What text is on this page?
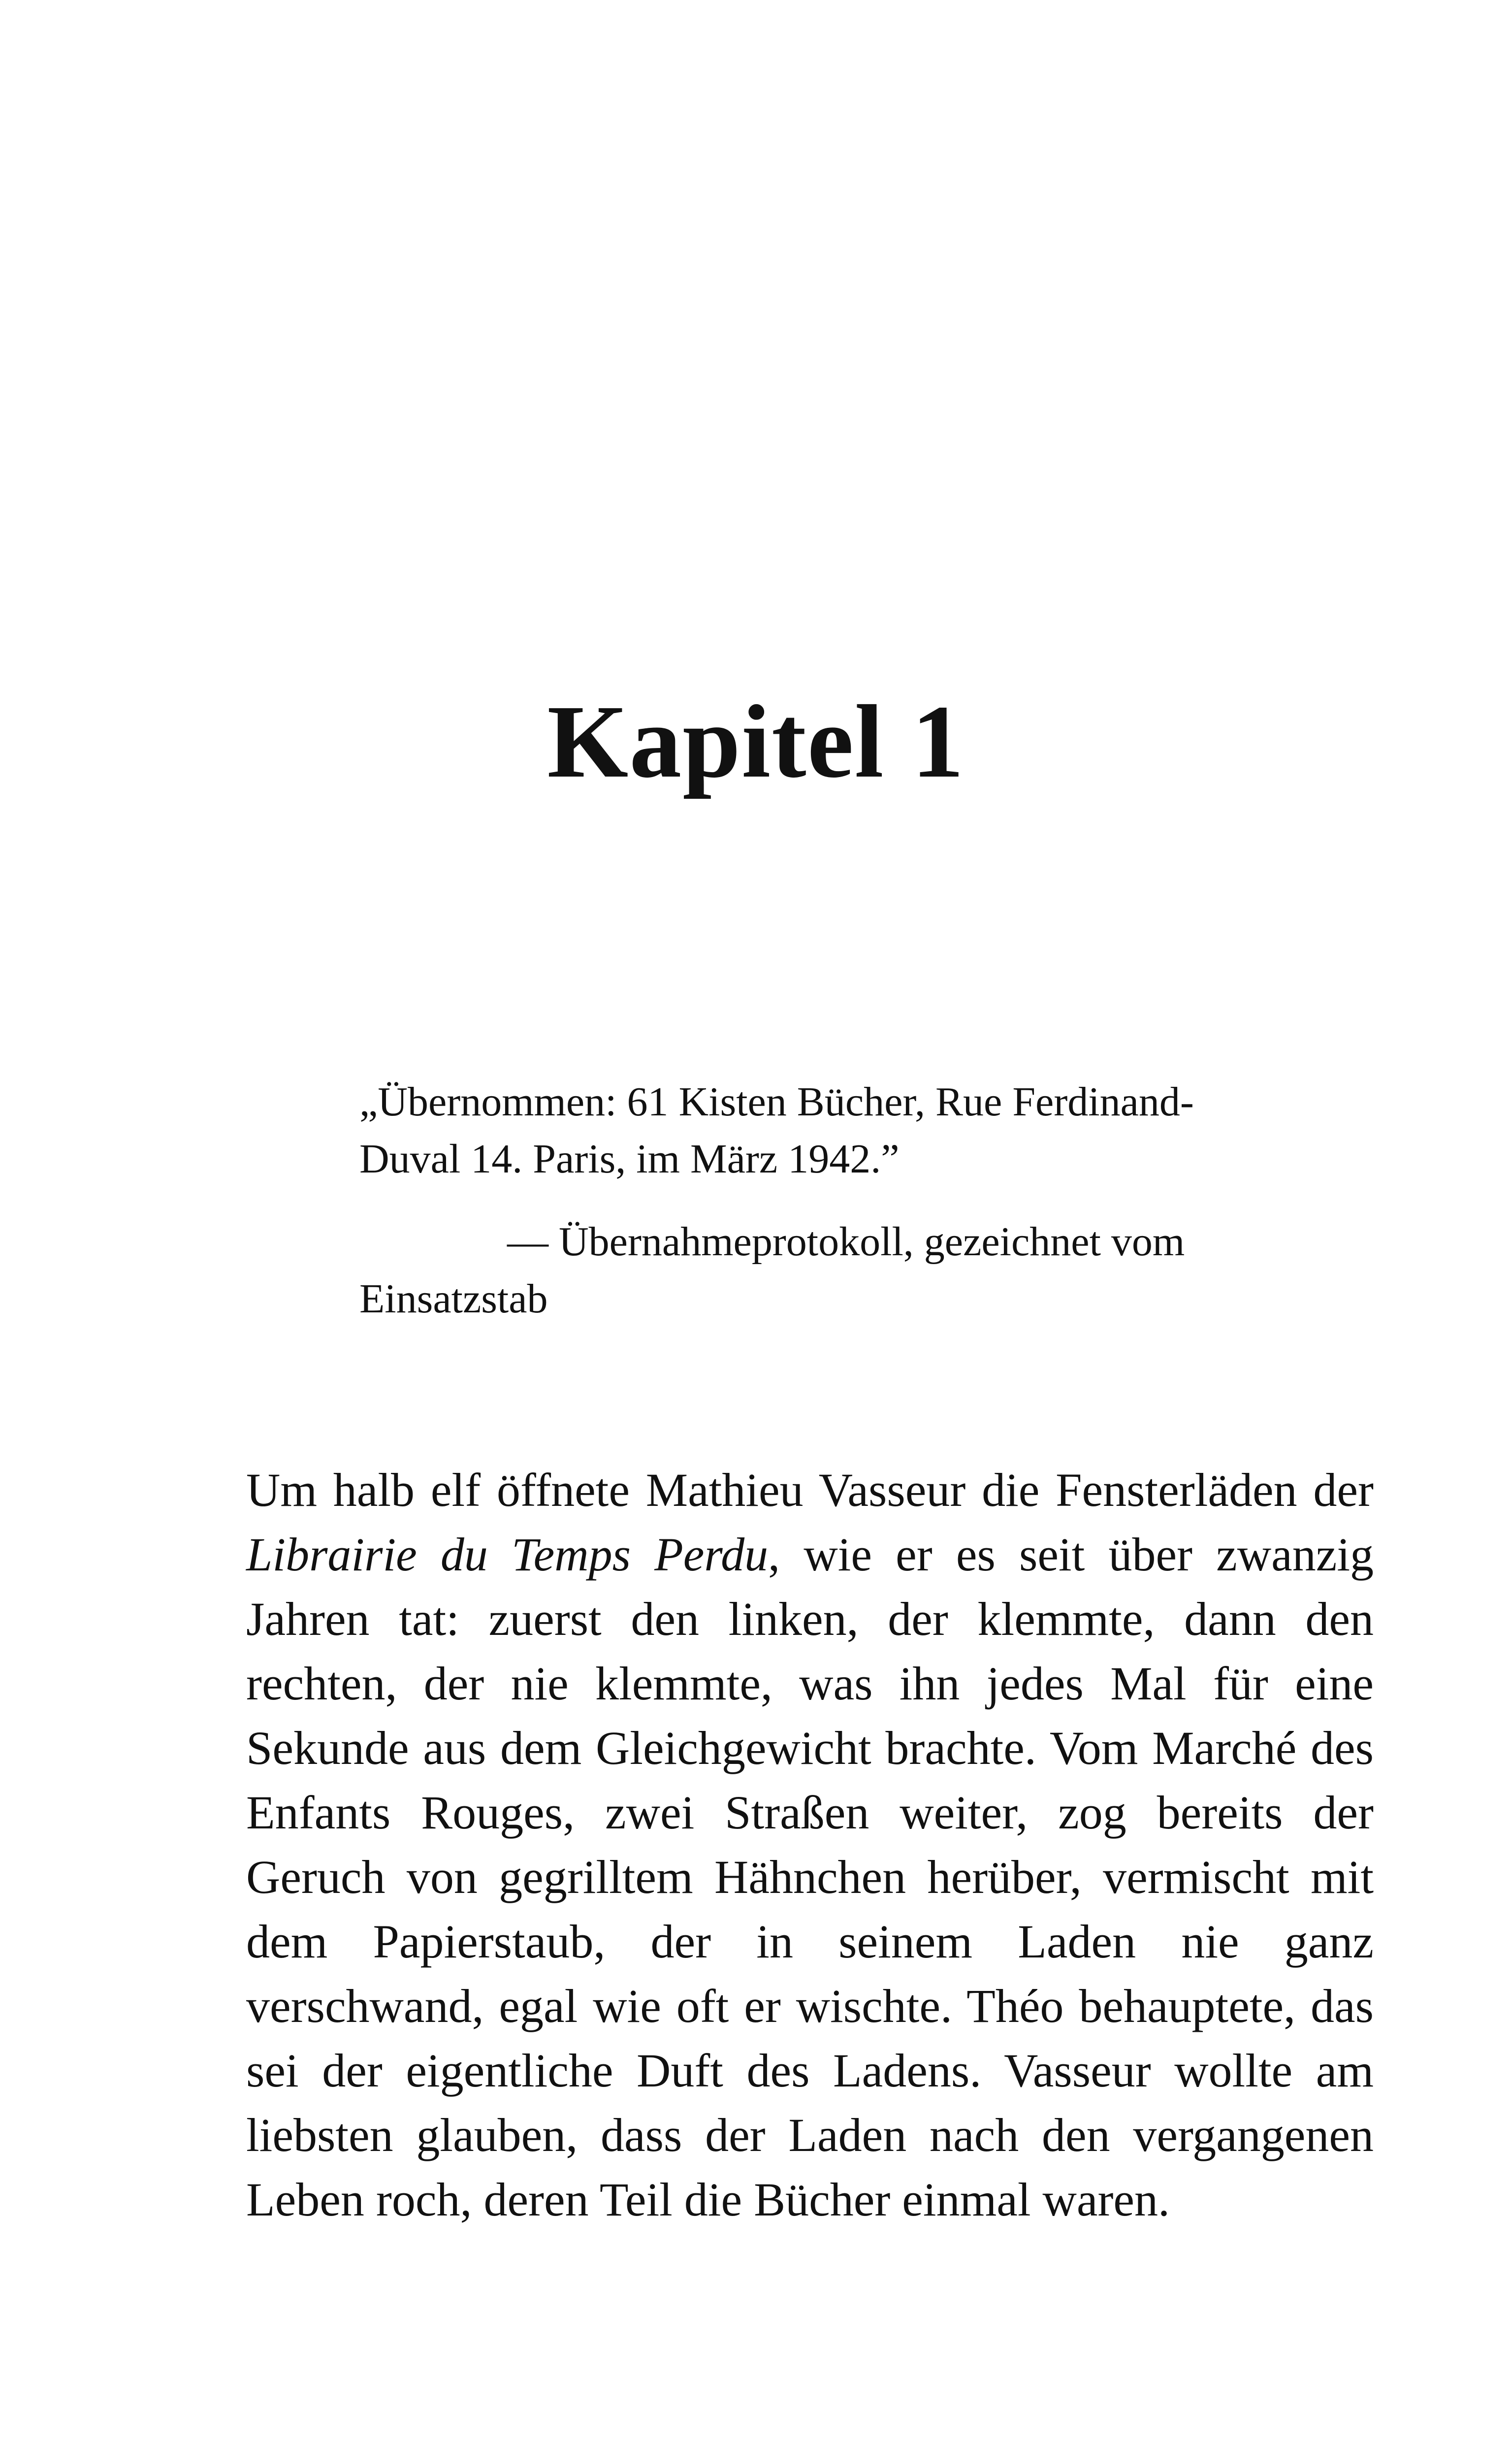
Kapitel 1

„Übernommen: 61 Kisten Bücher, Rue Ferdinand-Duval 14. Paris, im März 1942.”

— Übernahmeprotokoll, gezeichnet vom Einsatzstab

Um halb elf öffnete Mathieu Vasseur die Fensterläden der Librairie du Temps Perdu, wie er es seit über zwanzig Jahren tat: zuerst den linken, der klemmte, dann den rechten, der nie klemmte, was ihn jedes Mal für eine Sekunde aus dem Gleichgewicht brachte. Vom Marché des Enfants Rouges, zwei Straßen weiter, zog bereits der Geruch von gegrilltem Hähnchen herüber, vermischt mit dem Papierstaub, der in seinem Laden nie ganz verschwand, egal wie oft er wischte. Théo behauptete, das sei der eigentliche Duft des Ladens. Vasseur wollte am liebsten glauben, dass der Laden nach den vergangenen Leben roch, deren Teil die Bücher einmal waren.
